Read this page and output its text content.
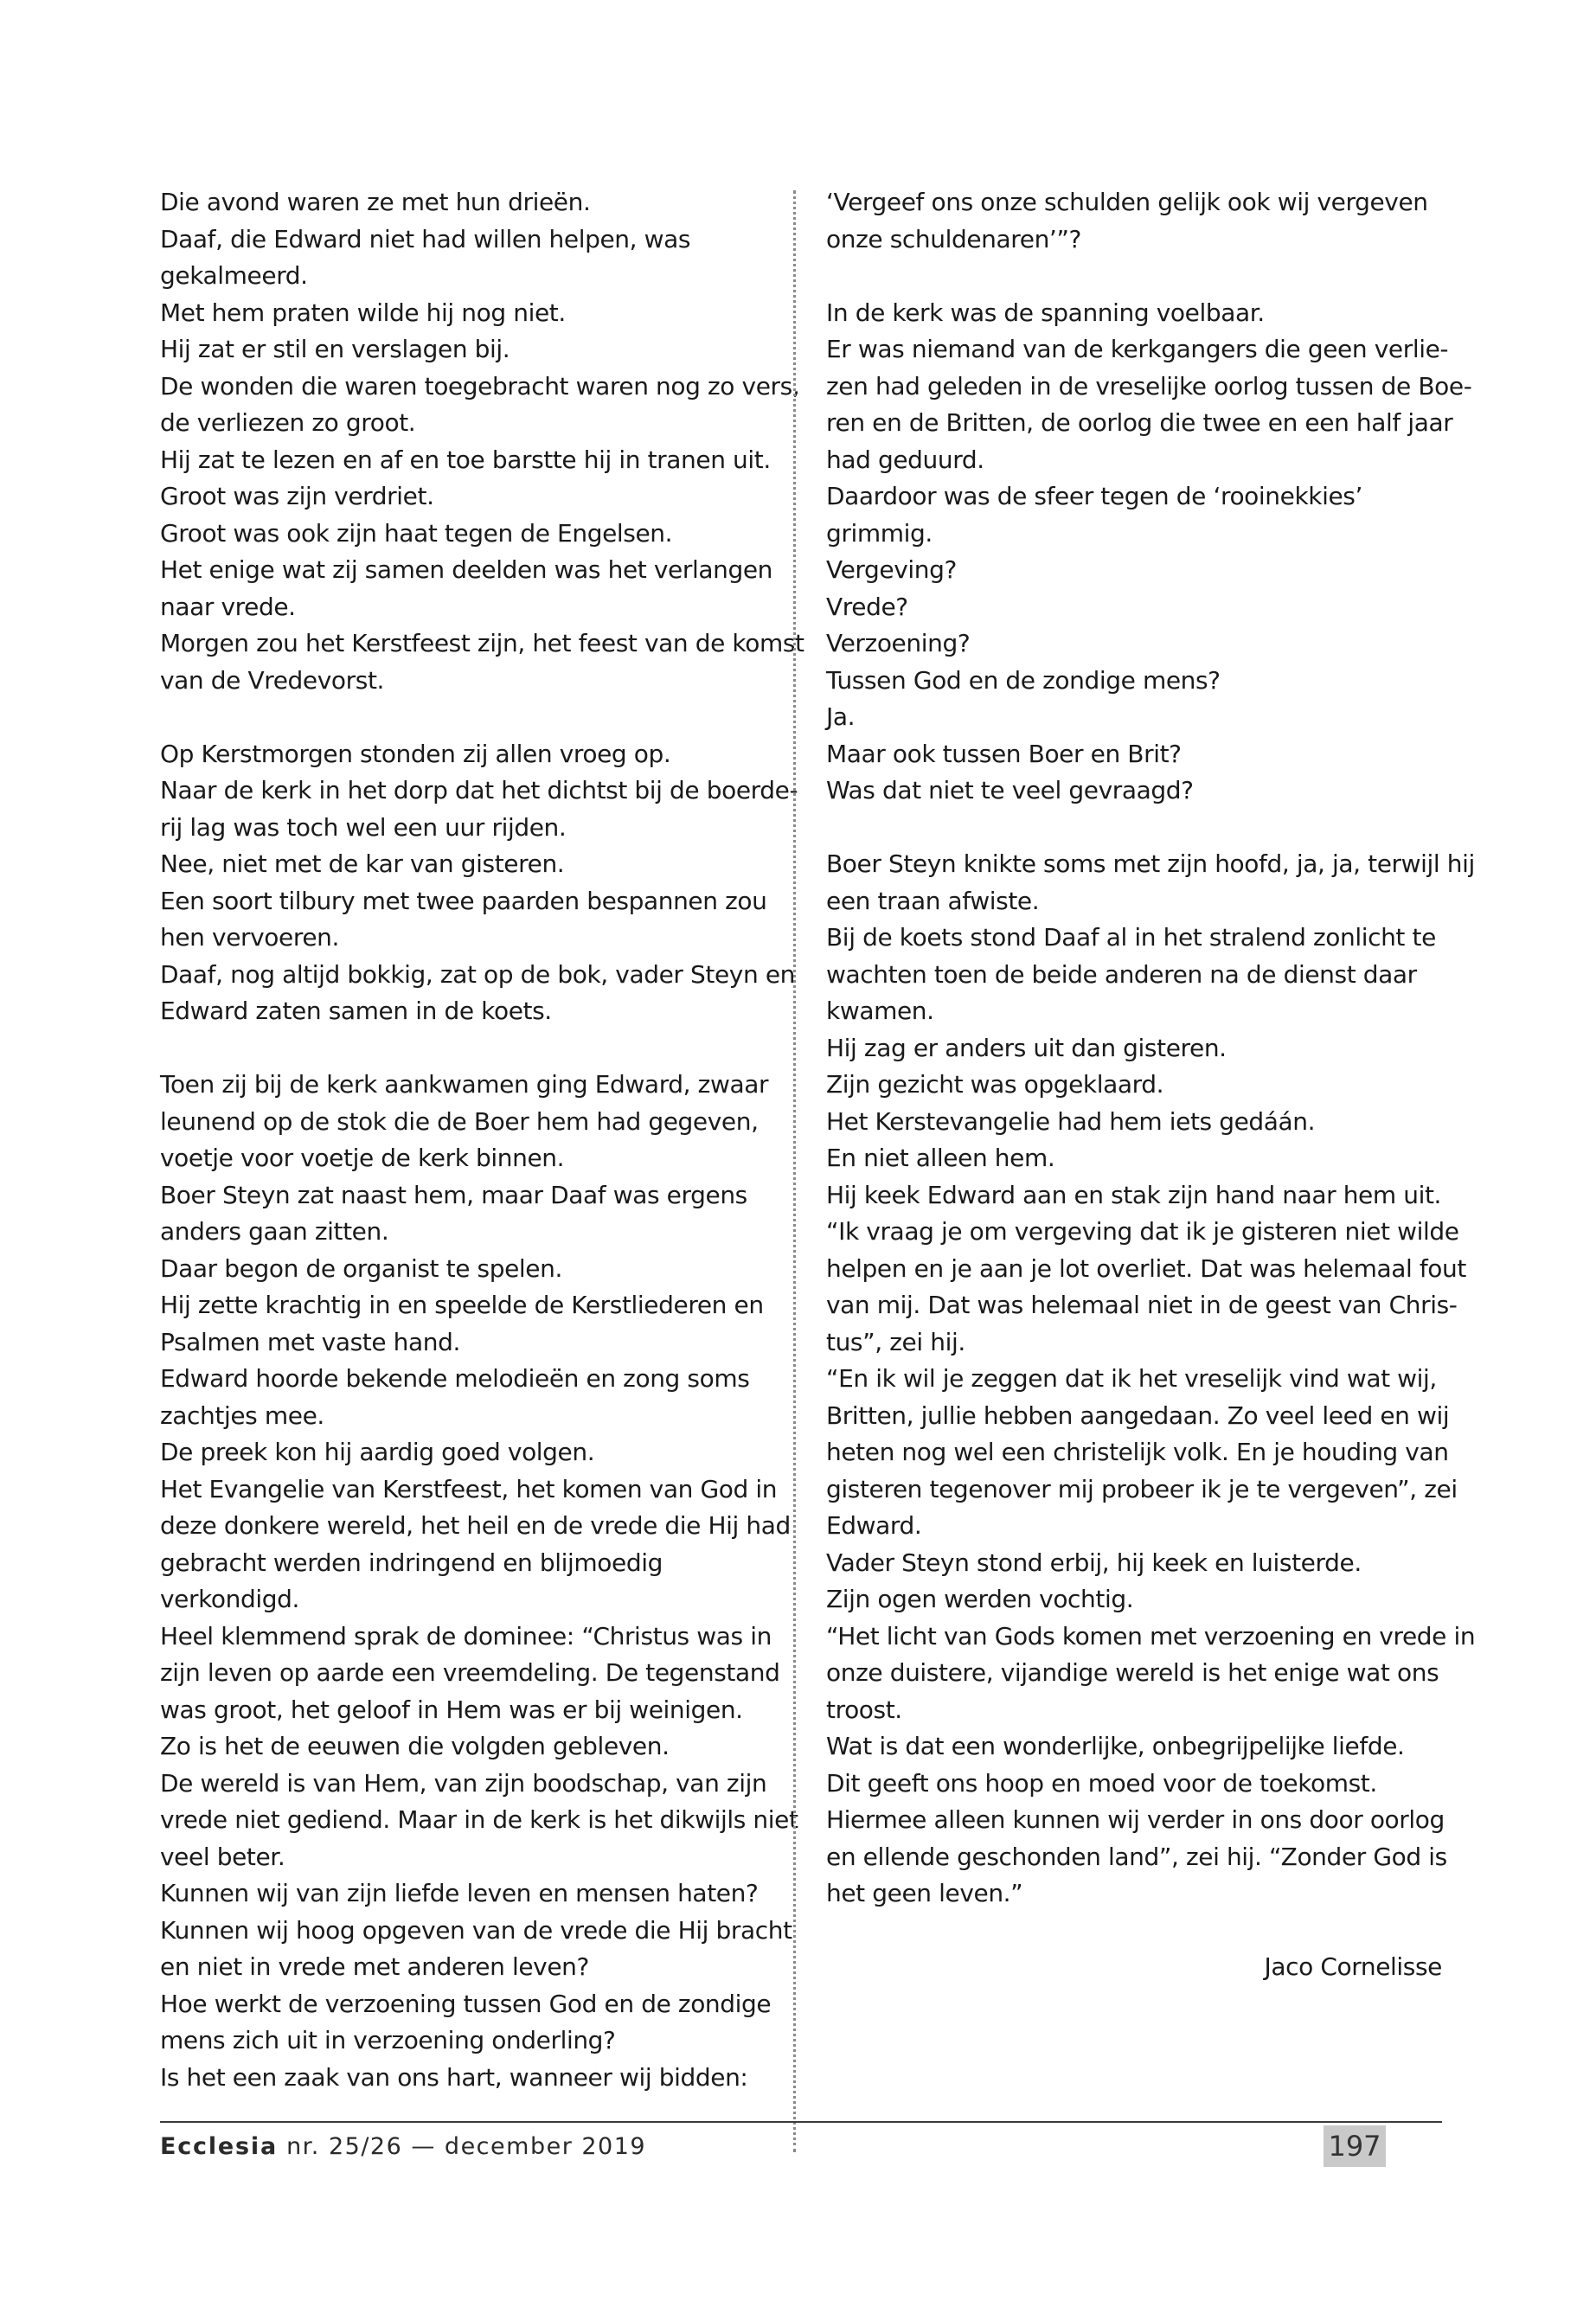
Die avond waren ze met hun drieën.

Daaf, die Edward niet had willen helpen, was

gekalmeerd.

Met hem praten wilde hij nog niet.

Hij zat er stil en verslagen bij.

De wonden die waren toegebracht waren nog zo vers,

de verliezen zo groot.

Hij zat te lezen en af en toe barstte hij in tranen uit.

Groot was zijn verdriet.

Groot was ook zijn haat tegen de Engelsen.

Het enige wat zij samen deelden was het verlangen

naar vrede.

Morgen zou het Kerstfeest zijn, het feest van de komst

van de Vredevorst.

Op Kerstmorgen stonden zij allen vroeg op.

Naar de kerk in het dorp dat het dichtst bij de boerde-

rij lag was toch wel een uur rijden.

Nee, niet met de kar van gisteren.

Een soort tilbury met twee paarden bespannen zou

hen vervoeren.

Daaf, nog altijd bokkig, zat op de bok, vader Steyn en

Edward zaten samen in de koets.

Toen zij bij de kerk aankwamen ging Edward, zwaar

leunend op de stok die de Boer hem had gegeven,

voetje voor voetje de kerk binnen.

Boer Steyn zat naast hem, maar Daaf was ergens

anders gaan zitten.

Daar begon de organist te spelen.

Hij zette krachtig in en speelde de Kerstliederen en

Psalmen met vaste hand.

Edward hoorde bekende melodieën en zong soms

zachtjes mee.

De preek kon hij aardig goed volgen.

Het Evangelie van Kerstfeest, het komen van God in

deze donkere wereld, het heil en de vrede die Hij had

gebracht werden indringend en blijmoedig

verkondigd.

Heel klemmend sprak de dominee: “Christus was in

zijn leven op aarde een vreemdeling. De tegenstand

was groot, het geloof in Hem was er bij weinigen.

Zo is het de eeuwen die volgden gebleven.

De wereld is van Hem, van zijn boodschap, van zijn

vrede niet gediend. Maar in de kerk is het dikwijls niet

veel beter.

Kunnen wij van zijn liefde leven en mensen haten?

Kunnen wij hoog opgeven van de vrede die Hij bracht

en niet in vrede met anderen leven?

Hoe werkt de verzoening tussen God en de zondige

mens zich uit in verzoening onderling?

Is het een zaak van ons hart, wanneer wij bidden:

‘Vergeef ons onze schulden gelijk ook wij vergeven

onze schuldenaren’”?

In de kerk was de spanning voelbaar.

Er was niemand van de kerkgangers die geen verlie-

zen had geleden in de vreselijke oorlog tussen de Boe-

ren en de Britten, de oorlog die twee en een half jaar

had geduurd.

Daardoor was de sfeer tegen de ‘rooinekkies’

grimmig.

Vergeving?

Vrede?

Verzoening?

Tussen God en de zondige mens?

Ja.

Maar ook tussen Boer en Brit?

Was dat niet te veel gevraagd?

Boer Steyn knikte soms met zijn hoofd, ja, ja, terwijl hij

een traan afwiste.

Bij de koets stond Daaf al in het stralend zonlicht te

wachten toen de beide anderen na de dienst daar

kwamen.

Hij zag er anders uit dan gisteren.

Zijn gezicht was opgeklaard.

Het Kerstevangelie had hem iets gedáán.

En niet alleen hem.

Hij keek Edward aan en stak zijn hand naar hem uit.

“Ik vraag je om vergeving dat ik je gisteren niet wilde

helpen en je aan je lot overliet. Dat was helemaal fout

van mij. Dat was helemaal niet in de geest van Chris-

tus”, zei hij.

“En ik wil je zeggen dat ik het vreselijk vind wat wij,

Britten, jullie hebben aangedaan. Zo veel leed en wij

heten nog wel een christelijk volk. En je houding van

gisteren tegenover mij probeer ik je te vergeven”, zei

Edward.

Vader Steyn stond erbij, hij keek en luisterde.

Zijn ogen werden vochtig.

“Het licht van Gods komen met verzoening en vrede in

onze duistere, vijandige wereld is het enige wat ons

troost.

Wat is dat een wonderlijke, onbegrijpelijke liefde.

Dit geeft ons hoop en moed voor de toekomst.

Hiermee alleen kunnen wij verder in ons door oorlog

en ellende geschonden land”, zei hij. “Zonder God is

het geen leven.”

Jaco Cornelisse

Ecclesia nr. 25/26 — december 2019	197
